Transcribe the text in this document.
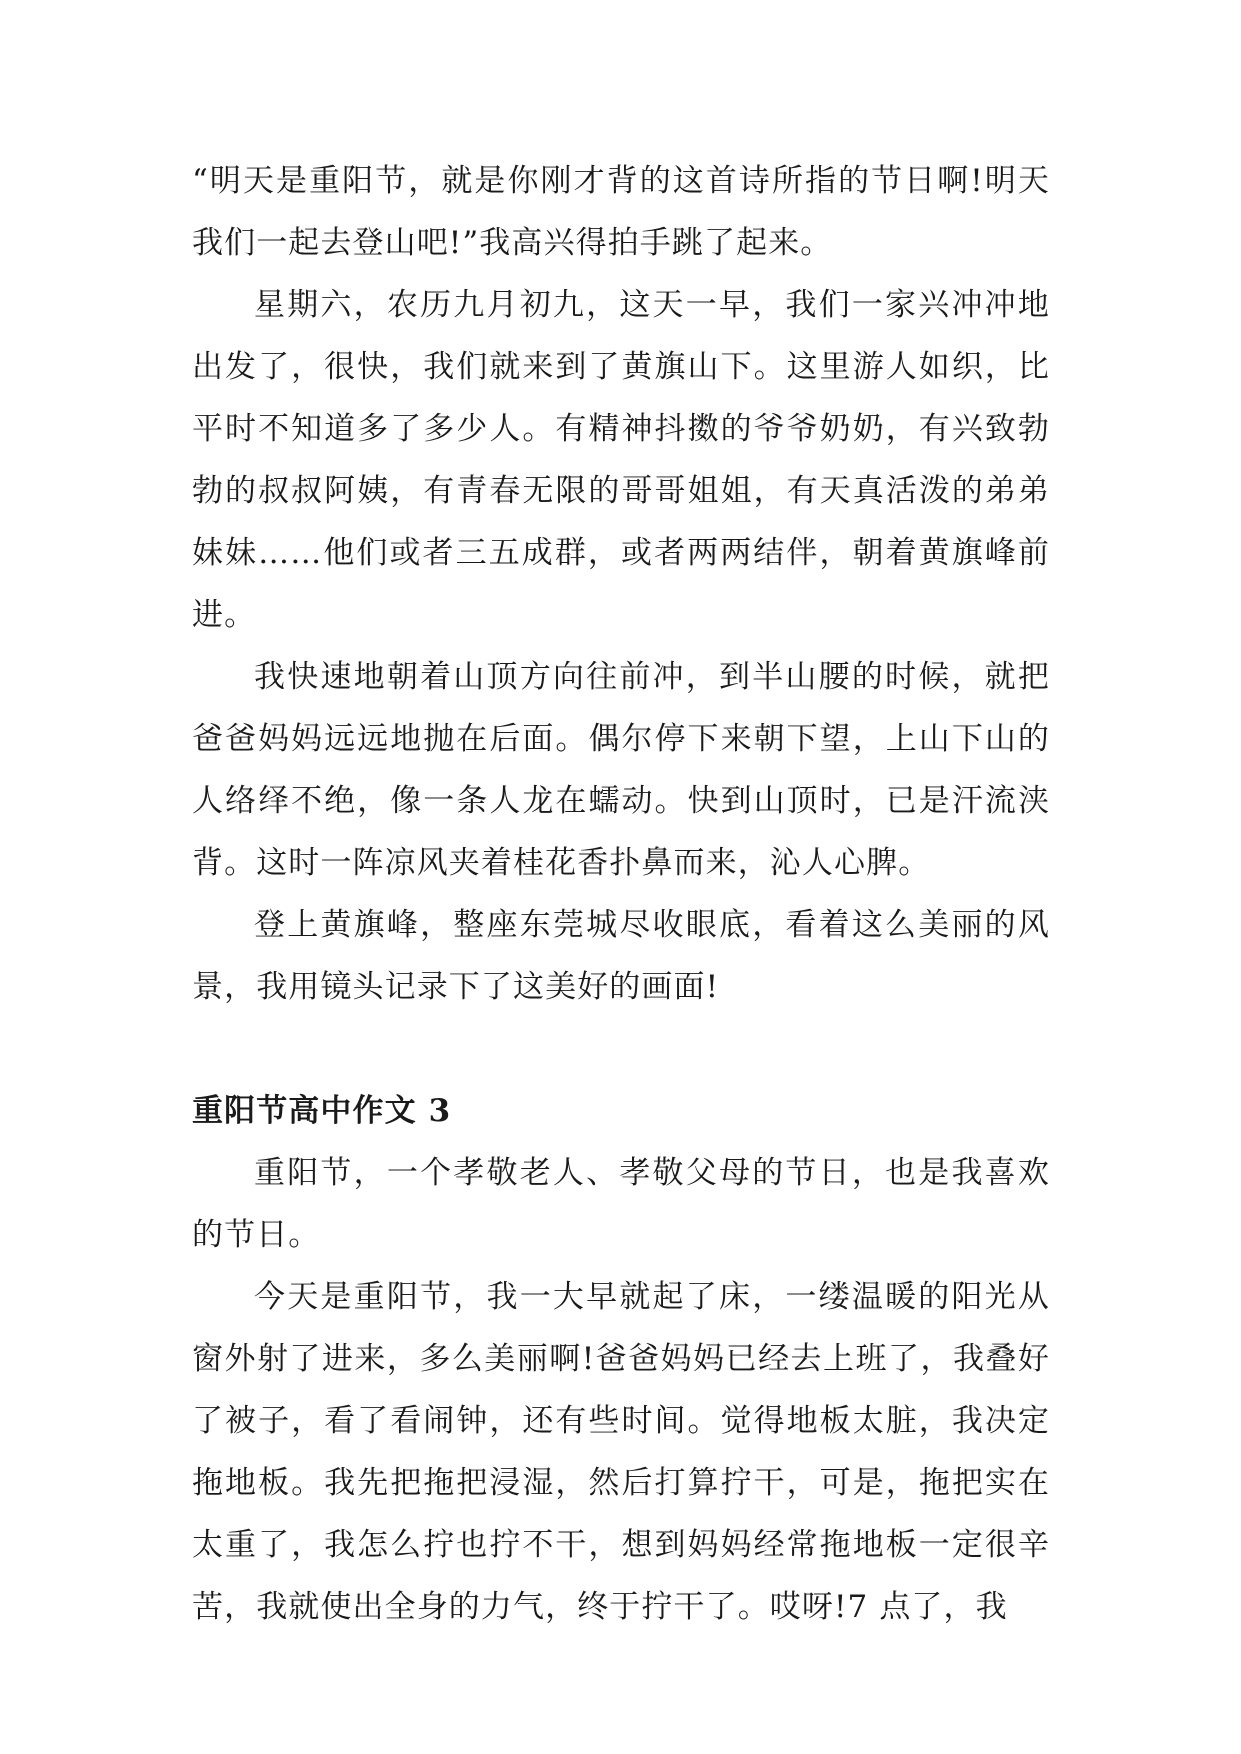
“明天是重阳节，就是你刚才背的这首诗所指的节日啊!明天我们一起去登山吧!”我高兴得拍手跳了起来。

星期六，农历九月初九，这天一早，我们一家兴冲冲地出发了，很快，我们就来到了黄旗山下。这里游人如织，比平时不知道多了多少人。有精神抖擞的爷爷奶奶，有兴致勃勃的叔叔阿姨，有青春无限的哥哥姐姐，有天真活泼的弟弟妹妹……他们或者三五成群，或者两两结伴，朝着黄旗峰前进。

我快速地朝着山顶方向往前冲，到半山腰的时候，就把爸爸妈妈远远地抛在后面。偶尔停下来朝下望，上山下山的人络绎不绝，像一条人龙在蠕动。快到山顶时，已是汗流浃背。这时一阵凉风夹着桂花香扑鼻而来，沁人心脾。

登上黄旗峰，整座东莞城尽收眼底，看着这么美丽的风景，我用镜头记录下了这美好的画面!

重阳节高中作文 3

重阳节，一个孝敬老人、孝敬父母的节日，也是我喜欢的节日。

今天是重阳节，我一大早就起了床，一缕温暖的阳光从窗外射了进来，多么美丽啊!爸爸妈妈已经去上班了，我叠好了被子，看了看闹钟，还有些时间。觉得地板太脏，我决定拖地板。我先把拖把浸湿，然后打算拧干，可是，拖把实在太重了，我怎么拧也拧不干，想到妈妈经常拖地板一定很辛苦，我就使出全身的力气，终于拧干了。哎呀!7 点了，我
